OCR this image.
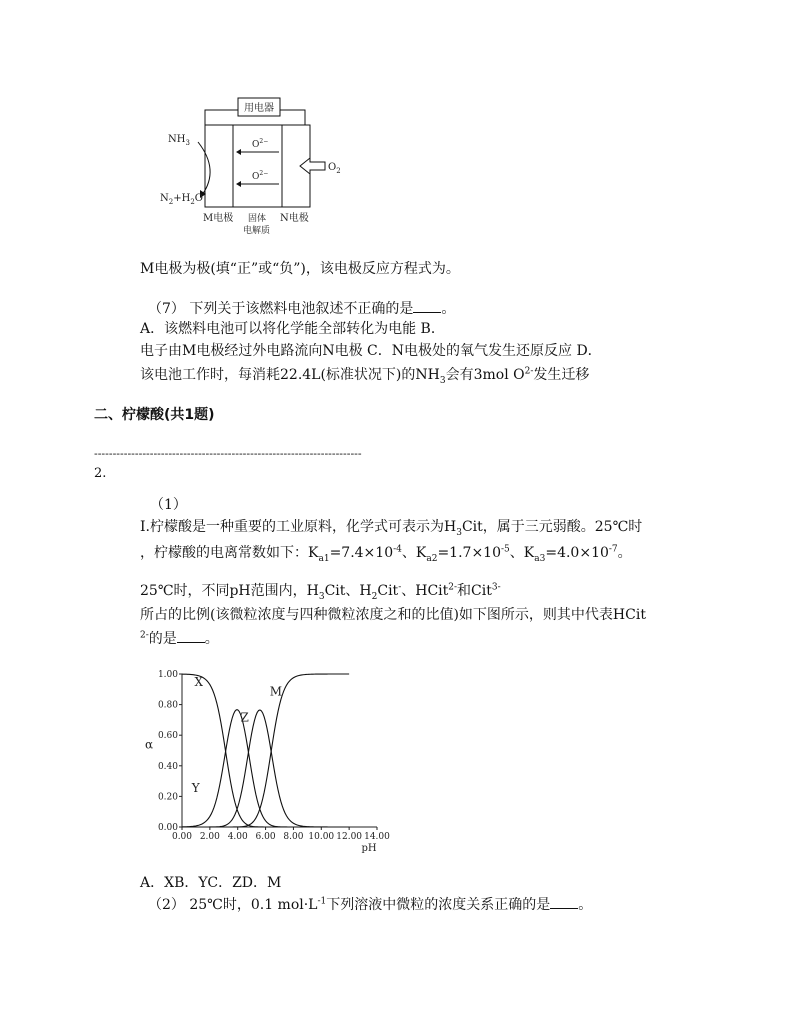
用电器
$O^{2-}$
$O^{2-}$
$O_2$
$NH_3$
$N_2+H_2O$
M电极 固体
电解质
N电极
M电极为极(填“正”或“负”)，该电极反应方程式为。
（7） 下列关于该燃料电池叙述不正确的是 。
A．该燃料电池可以将化学能全部转化为电能 B．
电子由M电极经过外电路流向N电极 C．N电极处的氧气发生还原反应 D．
该电池工作时，每消耗22.4L(标准状况下)的$NH_3$会有3mol $O^{2-}$发生迁移
二、柠檬酸(共1题)
------------------------------------------------------------------------
2.
（1）
Ⅰ.柠檬酸是一种重要的工业原料，化学式可表示为$H_3Cit$，属于三元弱酸。25℃时
，柠檬酸的电离常数如下：$K_{a1}=7.4\times 10^{-4}$、$K_{a2}=1.7\times 10^{-5}$、$K_{a3}=4.0\times 10^{-7}$。
25℃时，不同pH范围内，$H_3Cit$、$H_2Cit^-$、HCit$^{2-}$和Cit$^{3-}$
所占的比例(该微粒浓度与四种微粒浓度之和的比值)如下图所示，则其中代表HCit
$^{2-}$的是 。
0.00 2.00 4.00 6.00 8.00 10.00 12.00 14.00
0.00
0.20
0.40
0.60
0.80
1.00
pH
α
X
Y
Z
M
A．XB．YC．ZD．M
（2） 25℃时，0.1 $mol\cdot L^{-1}$下列溶液中微粒的浓度关系正确的是 。
